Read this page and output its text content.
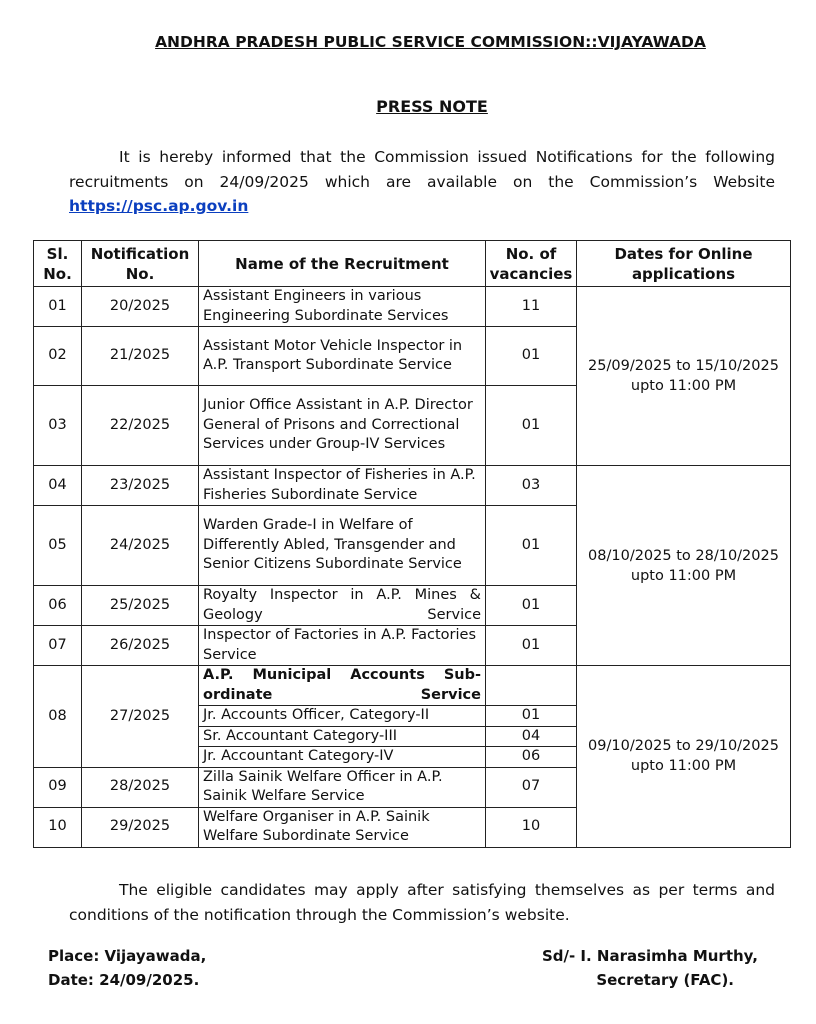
ANDHRA PRADESH PUBLIC SERVICE COMMISSION::VIJAYAWADA
PRESS NOTE

It is hereby informed that the Commission issued Notifications for the following recruitments on 24/09/2025 which are available on the Commission’s Website https://psc.ap.gov.in

Sl. No.	Notification No.	Name of the Recruitment	No. of vacancies	Dates for Online applications
01	20/2025	Assistant Engineers in various Engineering Subordinate Services	11	25/09/2025 to 15/10/2025
upto 11:00 PM

02	21/2025	Assistant Motor Vehicle Inspector in A.P. Transport Subordinate Service	01	
03	22/2025	Junior Office Assistant in A.P. Director General of Prisons and Correctional Services under Group-IV Services	01	
04	23/2025	Assistant Inspector of Fisheries in A.P. Fisheries Subordinate Service	03	08/10/2025 to 28/10/2025
upto 11:00 PM

05	24/2025	Warden Grade-I in Welfare of Differently Abled, Transgender and Senior Citizens Subordinate Service	01	
06	25/2025	Royalty Inspector in A.P. Mines & Geology Service	01	
07	26/2025	Inspector of Factories in A.P. Factories Service	01	
08	27/2025	A.P. Municipal Accounts Sub-ordinate Service		09/10/2025 to 29/10/2025
upto 11:00 PM

		Jr. Accounts Officer, Category-II	01	
		Sr. Accountant Category-III	04	
		Jr. Accountant Category-IV	06	
09	28/2025	Zilla Sainik Welfare Officer in A.P. Sainik Welfare Service	07	
10	29/2025	Welfare Organiser in A.P. Sainik Welfare Subordinate Service	10	

The eligible candidates may apply after satisfying themselves as per terms and conditions of the notification through the Commission’s website.

Place: Vijayawada,
Date: 24/09/2025.
Sd/- I. Narasimha Murthy,
Secretary (FAC).
